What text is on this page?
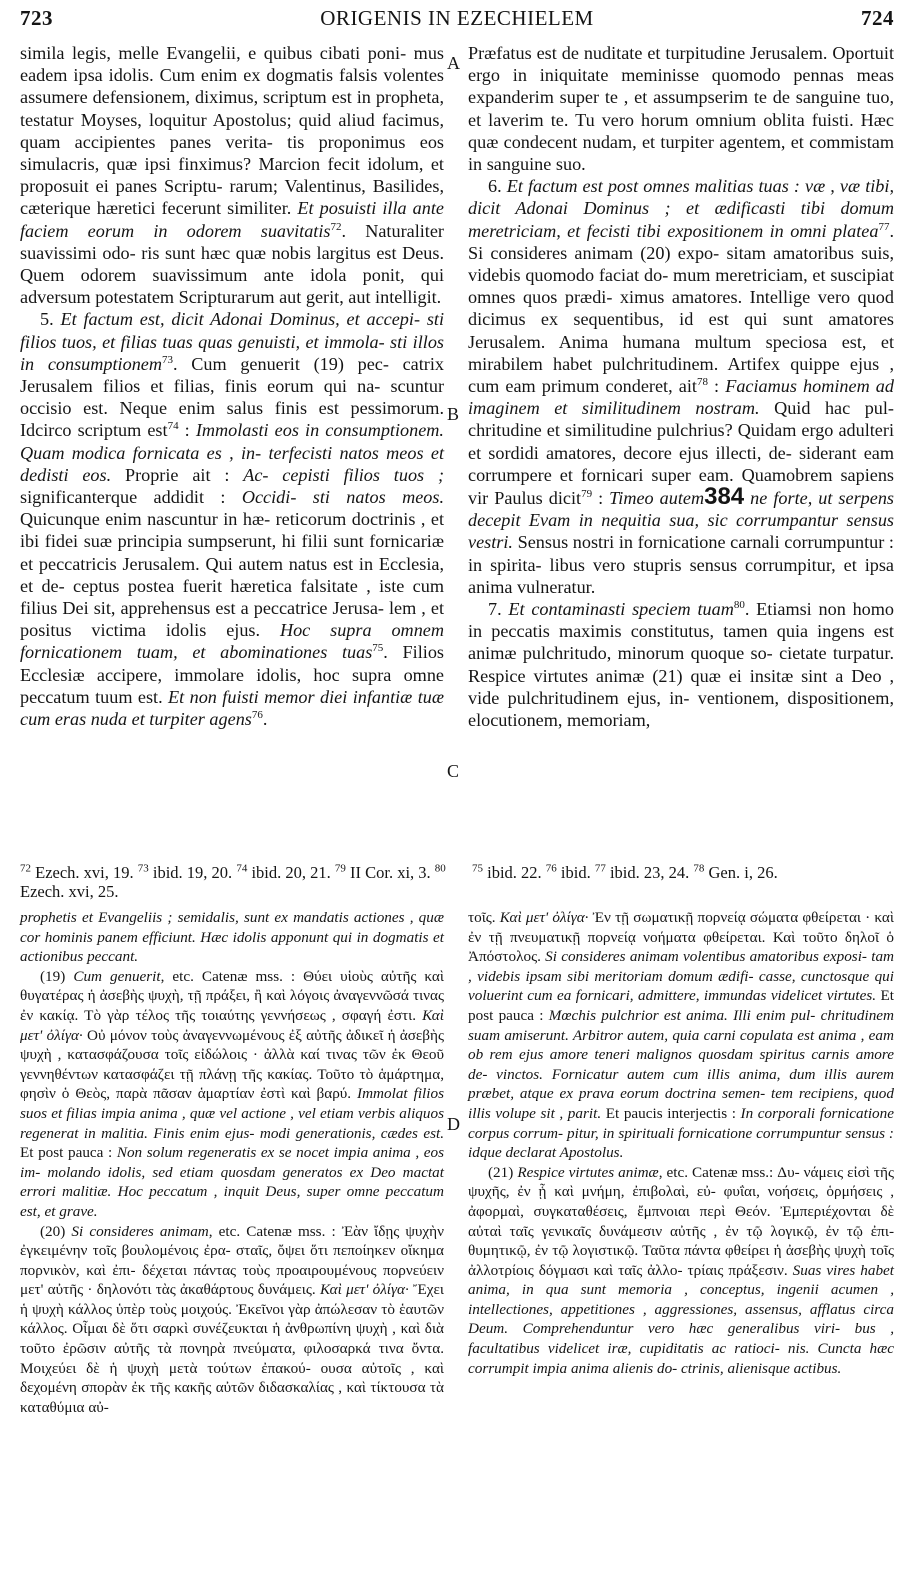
723	ORIGENIS IN EZECHIELEM	724

simila legis, melle Evangelii, e quibus cibati poni- mus eadem ipsa idolis. Cum enim ex dogmatis falsis volentes assumere defensionem, diximus, scriptum est in propheta, testatur Moyses, loquitur Apostolus; quid aliud facimus, quam accipientes panes verita- tis proponimus eos simulacris, quæ ipsi finximus? Marcion fecit idolum, et proposuit ei panes Scriptu- rarum; Valentinus, Basilides, cæterique hæretici fecerunt similiter. Et posuisti illa ante faciem eorum in odorem suavitatis$^{72}$. Naturaliter suavissimi odo- ris sunt hæc quæ nobis largitus est Deus. Quem odorem suavissimum ante idola ponit, qui adversum potestatem Scripturarum aut gerit, aut intelligit.

5. Et factum est, dicit Adonai Dominus, et accepi- sti filios tuos, et filias tuas quas genuisti, et immola- sti illos in consumptionem$^{73}$. Cum genuerit (19) pec- catrix Jerusalem filios et filias, finis eorum qui na- scuntur occisio est. Neque enim salus finis est pessimorum. Idcirco scriptum est$^{74}$ : Immolasti eos in consumptionem. Quam modica fornicata es , in- terfecisti natos meos et dedisti eos. Proprie ait : Ac- cepisti filios tuos ; significanterque addidit : Occidi- sti natos meos. Quicunque enim nascuntur in hæ- reticorum doctrinis , et ibi fidei suæ principia sumpserunt, hi filii sunt fornicariæ et peccatricis Jerusalem. Qui autem natus est in Ecclesia, et de- ceptus postea fuerit hæretica falsitate , iste cum filius Dei sit, apprehensus est a peccatrice Jerusa- lem , et positus victima idolis ejus. Hoc supra omnem fornicationem tuam, et abominationes tuas$^{75}$. Filios Ecclesiæ accipere, immolare idolis, hoc supra omne peccatum tuum est. Et non fuisti memor diei infantiæ tuæ cum eras nuda et turpiter agens$^{76}$.

Præfatus est de nuditate et turpitudine Jerusalem. Oportuit ergo in iniquitate meminisse quomodo pennas meas expanderim super te , et assumpserim te de sanguine tuo, et laverim te. Tu vero horum omnium oblita fuisti. Hæc quæ condecent nudam, et turpiter agentem, et commistam in sanguine suo.

6. Et factum est post omnes malitias tuas : væ , væ tibi, dicit Adonai Dominus ; et ædificasti tibi domum meretriciam, et fecisti tibi expositionem in omni platea$^{77}$. Si consideres animam (20) expo- sitam amatoribus suis, videbis quomodo faciat do- mum meretriciam, et suscipiat omnes quos prædi- ximus amatores. Intellige vero quod dicimus ex sequentibus, id est qui sunt amatores Jerusalem. Anima humana multum speciosa est, et mirabilem habet pulchritudinem. Artifex quippe ejus , cum eam primum conderet, ait$^{78}$ : Faciamus hominem ad imaginem et similitudinem nostram. Quid hac pul- chritudine et similitudine pulchrius? Quidam ergo adulteri et sordidi amatores, decore ejus illecti, de- siderant eam corrumpere et fornicari super eam. Quamobrem sapiens vir Paulus dicit$^{79}$ : Timeo autem384 ne forte, ut serpens decepit Evam in nequitia sua, sic corrumpantur sensus vestri. Sensus nostri in fornicatione carnali corrumpuntur : in spirita- libus vero stupris sensus corrumpitur, et ipsa anima vulneratur.

7. Et contaminasti speciem tuam$^{80}$. Etiamsi non homo in peccatis maximis constitutus, tamen quia ingens est animæ pulchritudo, minorum quoque so- cietate turpatur. Respice virtutes animæ (21) quæ ei insitæ sint a Deo , vide pulchritudinem ejus, in- ventionem, dispositionem, elocutionem, memoriam,

A
B
C
D
$^{72}$ Ezech. xvi, 19. $^{73}$ ibid. 19, 20. $^{74}$ ibid. 20, 21. $^{79}$ II Cor. xi, 3. $^{80}$ Ezech. xvi, 25.
$^{75}$ ibid. 22. $^{76}$ ibid. $^{77}$ ibid. 23, 24. $^{78}$ Gen. i, 26.

prophetis et Evangeliis ; semidalis, sunt ex mandatis actiones , quæ cor hominis panem efficiunt. Hæc idolis apponunt qui in dogmatis et actionibus peccant.

(19) Cum genuerit, etc. Catenæ mss. : Θύει υἱοὺς αὐτῆς καὶ θυγατέρας ἡ ἀσεβὴς ψυχὴ, τῇ πράξει, ἢ καὶ λόγοις ἀναγεννῶσά τινας ἐν κακίᾳ. Τὸ γὰρ τέλος τῆς τοιαύτης γεννήσεως , σφαγή ἐστι. Καὶ μετ' ὀλίγα· Οὐ μόνον τοὺς ἀναγεννωμένους ἐξ αὐτῆς ἀδικεῖ ἡ ἀσεβὴς ψυχὴ , κατασφάζουσα τοῖς εἰδώλοις · ἀλλὰ καί τινας τῶν ἐκ Θεοῦ γεννηθέντων κατασφάζει τῇ πλάνῃ τῆς κακίας. Τοῦτο τὸ ἁμάρτημα, φησὶν ὁ Θεὸς, παρὰ πᾶσαν ἁμαρτίαν ἐστὶ καὶ βαρύ. Immolat filios suos et filias impia anima , quæ vel actione , vel etiam verbis aliquos regenerat in malitia. Finis enim ejus- modi generationis, cædes est. Et post pauca : Non solum regeneratis ex se nocet impia anima , eos im- molando idolis, sed etiam quosdam generatos ex Deo mactat errori malitiæ. Hoc peccatum , inquit Deus, super omne peccatum est, et grave.

(20) Si consideres animam, etc. Catenæ mss. : Ἐὰν ἴδῃς ψυχὴν ἐγκειμένην τοῖς βουλομένοις ἐρα- σταῖς, ὄψει ὅτι πεποίηκεν οἴκημα πορνικὸν, καὶ ἐπι- δέχεται πάντας τοὺς προαιρουμένους πορνεύειν μετ' αὐτῆς · δηλονότι τὰς ἀκαθάρτους δυνάμεις. Καὶ μετ' ὀλίγα· Ἔχει ἡ ψυχὴ κάλλος ὑπὲρ τοὺς μοιχούς. Ἐκεῖνοι γὰρ ἀπώλεσαν τὸ ἑαυτῶν κάλλος. Οἶμαι δὲ ὅτι σαρκὶ συνέζευκται ἡ ἀνθρωπίνη ψυχὴ , καὶ διὰ τοῦτο ἐρῶσιν αὐτῆς τὰ πονηρὰ πνεύματα, φιλοσαρκά τινα ὄντα. Μοιχεύει δὲ ἡ ψυχὴ μετὰ τούτων ἐπακού- ουσα αὐτοῖς , καὶ δεχομένη σπορὰν ἐκ τῆς κακῆς αὐτῶν διδασκαλίας , καὶ τίκτουσα τὰ καταθύμια αὐ-

τοῖς. Καὶ μετ' ὀλίγα· Ἐν τῇ σωματικῇ πορνείᾳ σώματα φθείρεται · καὶ ἐν τῇ πνευματικῇ πορνείᾳ νοήματα φθείρεται. Καὶ τοῦτο δηλοῖ ὁ Ἀπόστολος. Si consideres animam volentibus amatoribus exposi- tam , videbis ipsam sibi meritoriam domum ædifi- casse, cunctosque qui voluerint cum ea fornicari, admittere, immundas videlicet virtutes. Et post pauca : Mœchis pulchrior est anima. Illi enim pul- chritudinem suam amiserunt. Arbitror autem, quia carni copulata est anima , eam ob rem ejus amore teneri malignos quosdam spiritus carnis amore de- vinctos. Fornicatur autem cum illis anima, dum illis aurem præbet, atque ex prava eorum doctrina semen- tem recipiens, quod illis volupe sit , parit. Et paucis interjectis : In corporali fornicatione corpus corrum- pitur, in spirituali fornicatione corrumpuntur sensus : idque declarat Apostolus.

(21) Respice virtutes animæ, etc. Catenæ mss.: Δυ- νάμεις εἰσὶ τῆς ψυχῆς, ἐν ᾗ καὶ μνήμη, ἐπιβολαὶ, εὐ- φυΐαι, νοήσεις, ὁρμήσεις , ἀφορμαὶ, συγκαταθέσεις, ἔμπνοιαι περὶ Θεόν. Ἐμπεριέχονται δὲ αὐταὶ ταῖς γενικαῖς δυνάμεσιν αὐτῆς , ἐν τῷ λογικῷ, ἐν τῷ ἐπι- θυμητικῷ, ἐν τῷ λογιστικῷ. Ταῦτα πάντα φθείρει ἡ ἀσεβὴς ψυχὴ τοῖς ἀλλοτρίοις δόγμασι καὶ ταῖς ἀλλο- τρίαις πράξεσιν. Suas vires habet anima, in qua sunt memoria , conceptus, ingenii acumen , intellectiones, appetitiones , aggressiones, assensus, afflatus circa Deum. Comprehenduntur vero hæc generalibus viri- bus , facultatibus videlicet iræ, cupiditatis ac ratioci- nis. Cuncta hæc corrumpit impia anima alienis do- ctrinis, alienisque actibus.
